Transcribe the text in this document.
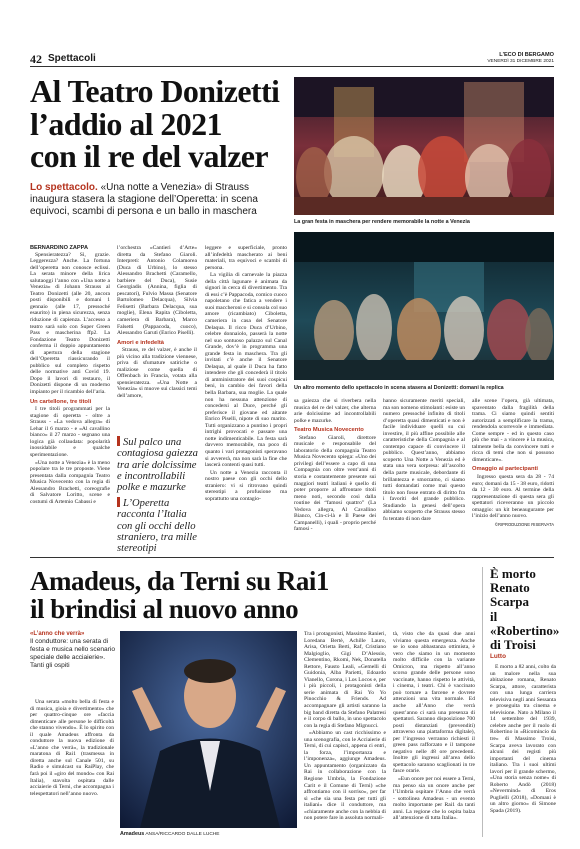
42 Spettacoli	L'ECO DI BERGAMO
VENERDÌ 31 DICEMBRE 2021
Al Teatro Donizetti
l’addio al 2021
con il re del valzer
Lo spettacolo. «Una notte a Venezia» di Strauss inaugura stasera la stagione dell’Operetta: in scena equivoci, scambi di persona e un ballo in maschera
La gran festa in maschera per rendere memorabile la notte a Venezia
Un altro momento dello spettacolo in scena stasera al Donizetti: domani la replica
BERNARDINO ZAPPA

Spensieratezza? Sì, grazie. Leggerezza? Anche. La fortuna dell’operetta non conosce eclissi. La serata minore della lirica salutaoggi l’anno con «Una notte a Venezia» di Johann Strauss al Teatro Donizetti (alle 20, ancora posti disponibili e domani 1 gennaio (alle 17, pressoché esaurito) in piena sicurezza, senza riduzione di capienza. L’accesso a teatro sarà solo con Super Green Pass e mascherina ffp2. La Fondazione Teatro Donizetti conferma il doppio appuntamento di apertura della stagione dell’Operetta riassicurando il pubblico sul completo rispetto delle normative anti Covid 19. Dopo il lavori di restauro, il Donizetti dispone di un moderno impianto per il ricambio dell’aria.

Un cartellone, tre titoli

I tre titoli programmati per la stagione di operetta - oltre a Strauss - «La vedova allegra» di Lehar il 6 marzo - e «Al cavallino bianco» il 27 marzo - segnano una logica già collaudata: popolarità inossidabile e qualche sperimentazione.

«Una notte a Venezia» è la meno popolare tra le tre proposte. Viene presentata dalla compagnia Teatro Musica Novecento con la regia di Alessandro Brachetti, coreografie di Salvatore Loritto, scene e costumi di Artemio Cabassi e

l’orchestra «Cantieri d’Arte» diretta da Stefano Giaroli. Interpreti: Antonio Colamorea (Duca di Urbino), lo stesso Alessandro Brachetti (Caramello, barbiere del Duca), Susie Georgiadis (Annina, figlia di pescatori), Fulvio Massa (Senatore Bartolomeo Delacqua), Silvia Felisetti (Barbara Delacqua, sua moglie), Elena Rapita (Ciboletta, cameriera di Barbara), Marco Falsetti (Pappacoda, cuoco), Alessandro Garuti (Enrico Piselli).

Amori e infedeltà

Strauss, re del valzer, è anche il più vicino alla tradizione viennese, priva di sfumature satiriche o maliziose come quella di Offenbach in Francia, votata alla spensieratezza. «Una Notte a Venezia» si muove sui classici temi dell’amore,

Sul palco una contagiosa gaiezza tra arie dolcissime e incontrollabili polke e mazurke
L’Operetta racconta l’Italia con gli occhi dello straniero, tra mille stereotipi

leggere e superficiale, pronto all’infedeltà mascherato ai beni materiali, tra equivoci e scambi di persona.

La vigilia di carnevale la piazza della città lagunare è animata da signori in cerca di divertimento. Tra di essi c’è Pappacoda, comico cuoco napoletano che fatica a vendere i suoi maccheroni e si consola col suo amore (ricambiato) Ciboletta, cameriera in casa del Senatore Delaqua. Il ricco Duca d’Urbino, celebre donnaiolo, passerà la notte nel suo sontuoso palazzo sul Canal Grande, dov’è in programma una grande festa in maschera. Tra gli invitati c’è anche il Senatore Delaqua, al quale il Duca ha fatto intendere che gli concederà il titolo di amministratore dei suoi cospicui beni, in cambio dei favori della bella Barbara, sua moglie. La quale non ha nessuna attenzione di concedersi al Duce, perché gli preferisce il giovane ed aitante Enrico Piselli, nipote di suo marito. Tutti organizzano a puntino i propri intrighi provocati e passare una notte indimenticabile. La festa sarà davvero memorabile, ma poco di quanto i vari protagonisti speravano si avvererà, ma non sarà la fine che lascerà contenti quasi tutti.

Un notte a Venezia racconta il nostro paese con gli occhi dello straniero: vi si ritrovano quindi stereotipi a profusione ma soprattutto una contagio-

sa gaiezza che si riverbera nella musica del re del valzer, che alterna arie dolcissime ad incontrollabili polke e mazurke.

Teatro Musica Novecento

Stefano Giaroli, direttore musicale e responsabile del laboratorio della compagnia Teatro Musica Novecento spiega: «Uno dei privilegi dell’essere a capo di una Compagnia con oltre vent’anni di storia e costantemente presente sui maggiori teatri italiani è quello di poter proporre al affrontare titoli meno noti, secondo così dalla routine dei “famosi quattro” (La Vedova allegra, Al Cavallino Bianco, Cin-ci-là e Il Paese dei Campanelli), i quali - proprio perché famosi -

hanno sicuramente meriti speciali, ma son nomeno stimolanti: esiste un numero pressoché infinito di titoli d’operetta quasi dimenticati e non è facile individuare quelli su cui investire, il più affine possibile alle caratteristiche della Compagnia e al contempo capace di convincere il pubblico. Quest’anno, abbiamo scoperto Una Notte a Venezia ed è stata una vera sorpresa: all’ascolto della parte musicale, debordante di brillantezza e smorzamo, ci siamo tutti domandati come mai questo titolo non fosse entrato di diritto fra i favoriti del grande pubblico. Studiando la genesi dell’opera abbiamo scoperto che Strauss stesso fu tentato di non dare

alle scene l’opera, già ultimata, spaventato dalla fragilità della trama. Ci siamo quindi sentiti autorizzati a semplificare la trama, rendendola scorrevole e immediata. Come sempre - ed in questo caso più che mai - a vincere è la musica, talmente bella da convincere tutti e ricca di temi che non si possono dimenticare».

Omaggio ai partecipanti

Ingresso questa sera da 28 - 74 euro; domani da 15 - 38 euro, ridotti da 12 - 30 euro. Al termine della rappresentazione di questa sera gli spettatori riceveranno un piccolo omaggio: un kit beneaugurante per l’inizio dell’anno nuovo.

©RIPRODUZIONE RISERVATA
Amadeus, da Terni su Rai1
il brindisi al nuovo anno
«L’anno che verrà»
Il conduttore: una serata di festa e musica nello scenario speciale delle acciaierie». Tanti gli ospiti

Una serata «molto bella di festa e di musica, gioia e divertimento» che per quattro-cinque ore «faccia dimenticare alle persone le difficoltà che stanno vivendo». È lo spirito con il quale Amadeus affronta da conduttore la nuova edizione di «L’anno che verrà», la tradizionale maratona di Rai1 (trasmessa in diretta anche sul Canale 501, su Radio e simulcast su RaiPlay, che farà poi il «giro del mondo» con Rai Italia), stavolta ospitata dalle acciaierie di Terni, che accompagna i telespettatori nell’anno nuovo.

Amadeus ANSA/RICCARDO DALLE LUCHE

Tra i protagonisti, Massimo Ranieri, Loredana Bertè, Achille Lauro, Arisa, Orietta Berti, Raf, Cristiano Malgioglio, Gigi D’Alessio, Clementino, Rkomi, Nek, Donatella Rettore, Fausto Leali, «Gemelli di Guidonia, Alba Parietti, Edoardo Vianello, Corona, i Los Locos e, per i più piccoli, i protagonisti della serie animata di Rai Yo Yo Pinocchio & Friends. Ad accompagnare gli artisti saranno la big band diretta da Stefano Palatresi e il corpo di ballo, in uno spettacolo con la regia di Stefano Mignucci.

«Abbiamo un cast ricchissimo e una scenografia, con le Acciaierie di Terni, di cui capisci, appena ci entri, la forza, l’importanza e l’imponenza», aggiunge Amadeus. Un appuntamento (organizzato da Rai in collaborazione con la Regione Umbria, la Fondazione Carit e il Comune di Terni) «che affrontiamo con il sorriso», per far sì «che sia una festa per tutti gli italiani» dice il conduttore, ma «chiaramente anche con la nebbia di non potere fare in assoluta normali-

tà, visto che da quasi due anni viviamo questa emergenza. Anche se io sono abbastanza ottimista, è vero che siamo in un momento molto difficile con la variante Omicron, ma rispetto all’anno scorso grande delle persone sono vaccinate, hanno rispetto le attività, i cinema, i teatri. Chi è vaccinato può tornare a farcene e dovrete attenzioni una vita normale. Ed anche all’Anno che verrà quest’anno ci sarà una presenza di spettatori. Saranno disposizione 700 posti distanziati (prevenditi) attraverso una piattaforma digitale), per l’ingresso verranno richiesti il green pass rafforzato e il tampone negativo nelle 48 ore precedenti. Inoltre gli ingressi all’area dello spettacolo saranno scaglionati in tre fasce orarie.

«Eun onore per noi essere a Terni, ma penso sia un onore anche per l’Umbria ospitare l’Anno che verrà - sottolinea Amadeus - un evento molto importante per Rai1 da tanti anni. La regione che lo ospita balza all’attenzione di tutta Italia».

È morto
Renato Scarpa
il «Robertino»
di Troisi
Lutto

È morto a 82 anni, colto da un malore nella sua abitazione romana, Renato Scarpa, attore, caratterista con una lunga carriera televisiva negli anni Sessanta e proseguita tra cinema e televisione. Nato a Milano il 14 settembre del 1939, celebre anche per il ruolo di Robertino in «Ricomincio da tre» di Massimo Troisi, Scarpa aveva lavorato con alcuni dei registi più importanti del cinema italiano. Tra i suoi ultimi lavori per il grande schermo, «Una storia senza nome» di Roberto Andò (2018) «Nevermind» di Eros Puglielli (2018), «Domani è un altro giorno» di Simone Spada (2019).
